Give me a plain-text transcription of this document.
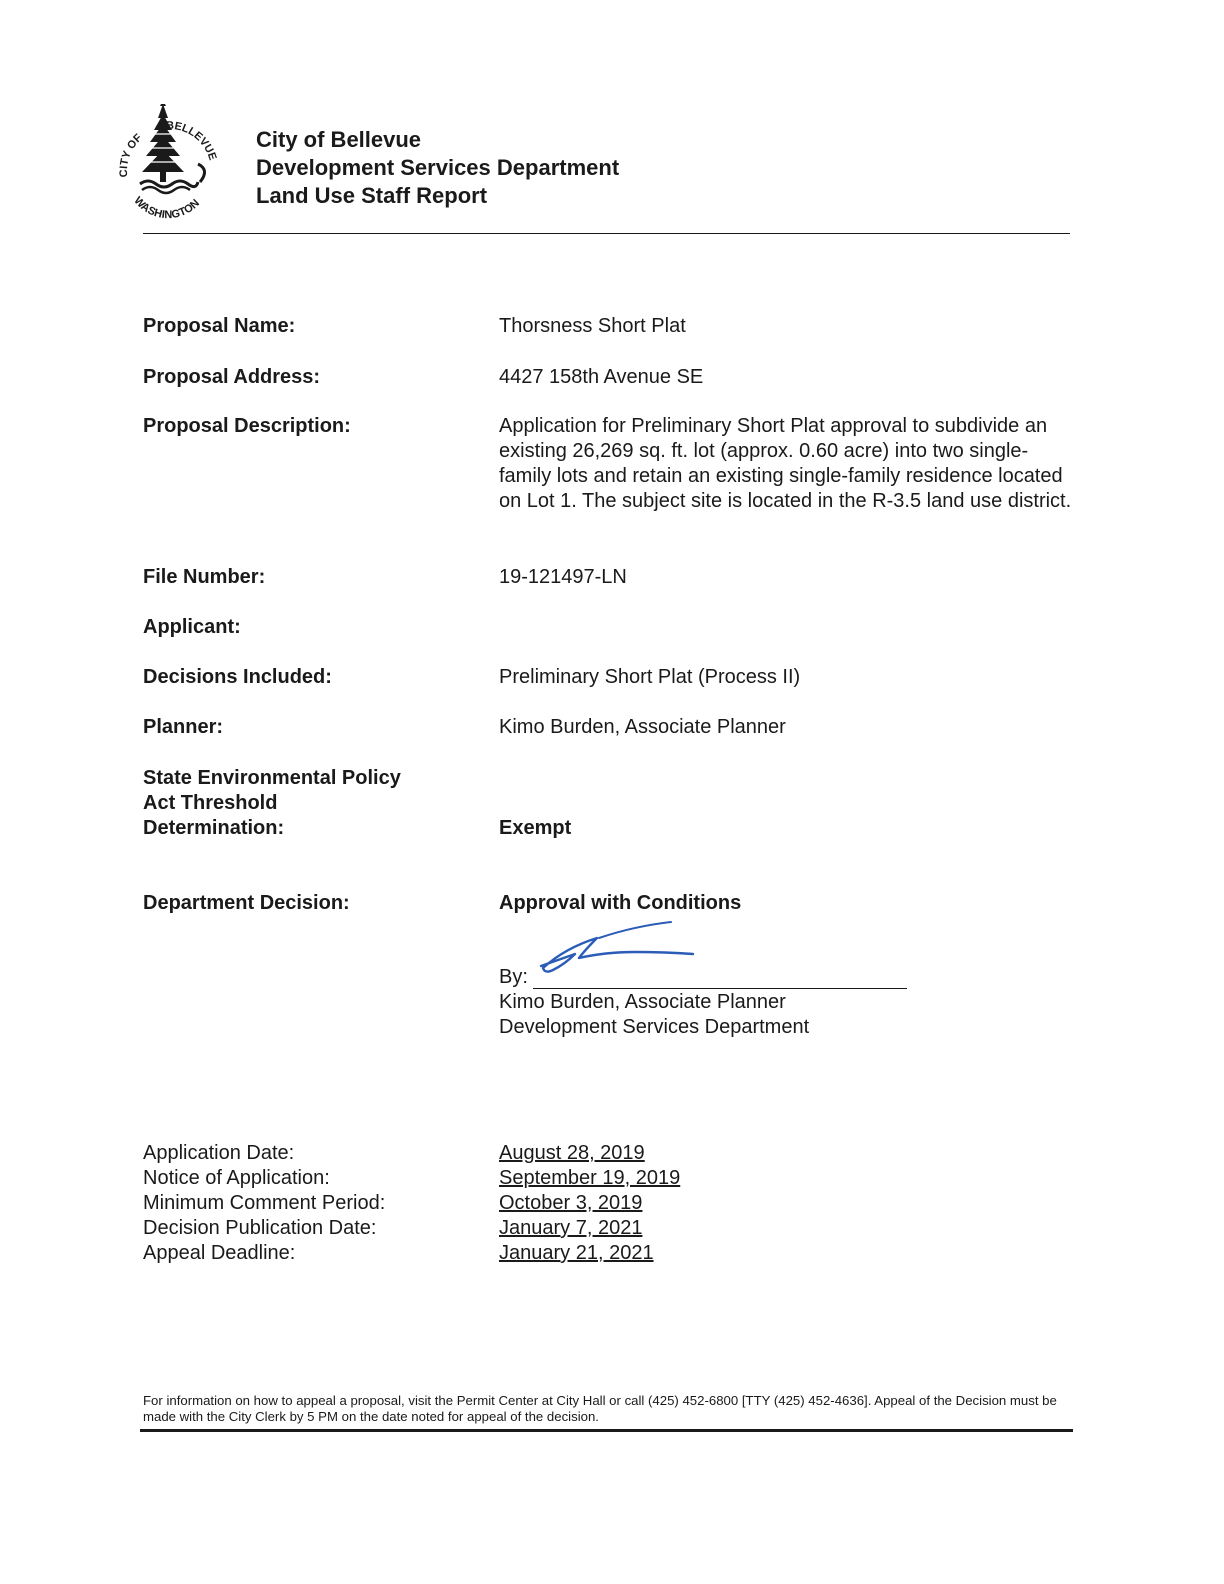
CITY OF
BELLEVUE
WASHINGTON
City of Bellevue
Development Services Department
Land Use Staff Report
Proposal Name:	Thorsness Short Plat
Proposal Address:	4427 158th Avenue SE
Proposal Description:	Application for Preliminary Short Plat approval to subdivide an existing 26,269 sq. ft. lot (approx. 0.60 acre) into two single-family lots and retain an existing single-family residence located on Lot 1. The subject site is located in the R-3.5 land use district.
File Number:	19-121497-LN
Applicant:
Decisions Included:	Preliminary Short Plat (Process II)
Planner:	Kimo Burden, Associate Planner
State Environmental Policy
Act Threshold
Determination:	Exempt
Department Decision:	Approval with Conditions
By:
Kimo Burden, Associate Planner
Development Services Department
Application Date:	August 28, 2019
Notice of Application:	September 19, 2019
Minimum Comment Period:	October 3, 2019
Decision Publication Date:	January 7, 2021
Appeal Deadline:	January 21, 2021
For information on how to appeal a proposal, visit the Permit Center at City Hall or call (425) 452-6800 [TTY (425) 452-4636]. Appeal of the Decision must be made with the City Clerk by 5 PM on the date noted for appeal of the decision.
